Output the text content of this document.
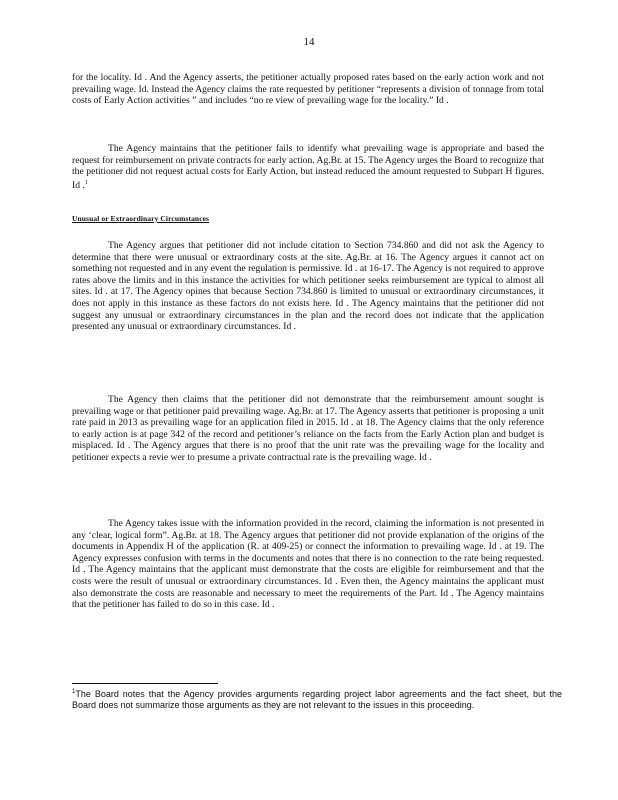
14

for the locality. Id . And the Agency asserts, the petitioner actually proposed rates based on the early action work and not prevailing wage. Id. Instead the Agency claims the rate requested by petitioner “represents a division of tonnage from total costs of Early Action activities ” and includes “no re view of prevailing wage for the locality.” Id .

The Agency maintains that the petitioner fails to identify what prevailing wage is appropriate and based the request for reimbursement on private contracts for early action. Ag.Br. at 15. The Agency urges the Board to recognize that the petitioner did not request actual costs for Early Action, but instead reduced the amount requested to Subpart H figures. Id .$^1$

Unusual or Extraordinary Circumstances

The Agency argues that petitioner did not include citation to Section 734.860 and did not ask the Agency to determine that there were unusual or extraordinary costs at the site. Ag.Br. at 16. The Agency argues it cannot act on something not requested and in any event the regulation is permissive. Id . at 16-17. The Agency is not required to approve rates above the limits and in this instance the activities for which petitioner seeks reimbursement are typical to almost all sites. Id . at 17. The Agency opines that because Section 734.860 is limited to unusual or extraordinary circumstances, it does not apply in this instance as these factors do not exists here. Id . The Agency maintains that the petitioner did not suggest any unusual or extraordinary circumstances in the plan and the record does not indicate that the application presented any unusual or extraordinary circumstances. Id .

The Agency then claims that the petitioner did not demonstrate that the reimbursement amount sought is prevailing wage or that petitioner paid prevailing wage. Ag.Br. at 17. The Agency asserts that petitioner is proposing a unit rate paid in 2013 as prevailing wage for an application filed in 2015. Id . at 18. The Agency claims that the only reference to early action is at page 342 of the record and petitioner’s reliance on the facts from the Early Action plan and budget is misplaced. Id . The Agency argues that there is no proof that the unit rate was the prevailing wage for the locality and petitioner expects a revie wer to presume a private contractual rate is the prevailing wage. Id .

The Agency takes issue with the information provided in the record, claiming the information is not presented in any ‘clear, logical form”. Ag.Br. at 18. The Agency argues that petitioner did not provide explanation of the origins of the documents in Appendix H of the application (R. at 409-25) or connect the information to prevailing wage. Id . at 19. The Agency expresses confusion with terms in the documents and notes that there is no connection to the rate being requested. Id . The Agency maintains that the applicant must demonstrate that the costs are eligible for reimbursement and that the costs were the result of unusual or extraordinary circumstances. Id . Even then, the Agency maintains the applicant must also demonstrate the costs are reasonable and necessary to meet the requirements of the Part. Id . The Agency maintains that the petitioner has failed to do so in this case. Id .

$^1$The Board notes that the Agency provides arguments regarding project labor agreements and the fact sheet, but the Board does not summarize those arguments as they are not relevant to the issues in this proceeding.
